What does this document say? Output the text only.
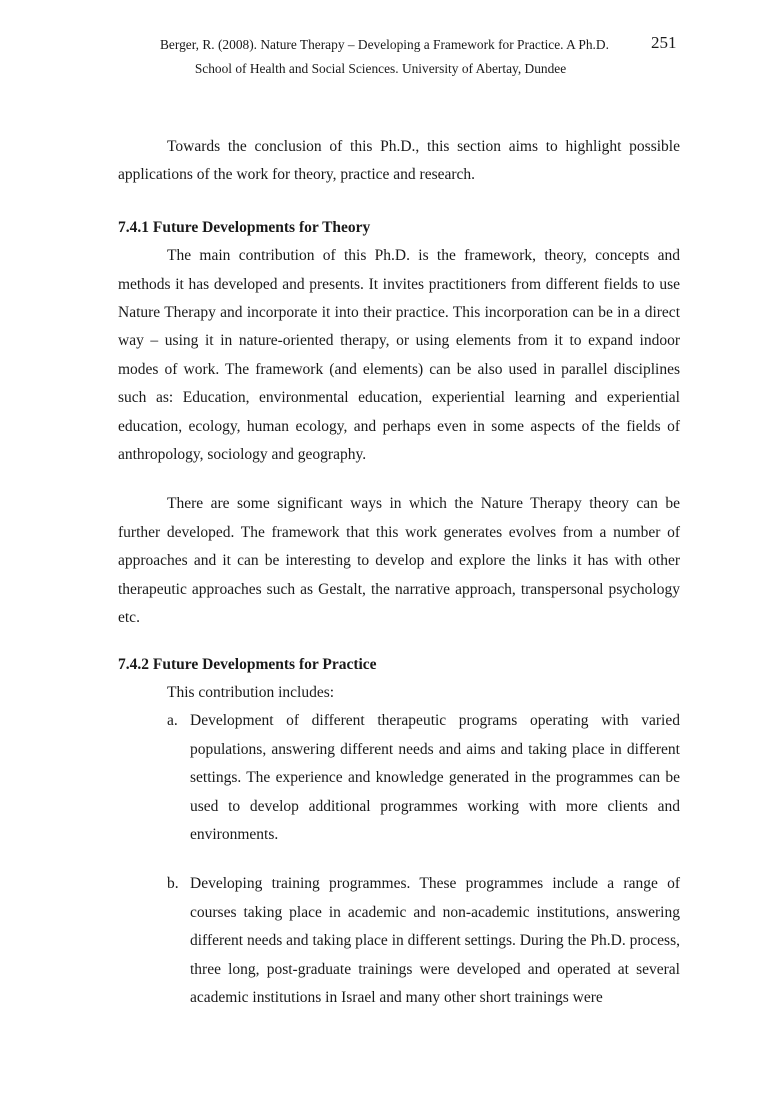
Berger, R. (2008). Nature Therapy – Developing a Framework for Practice. A Ph.D.	251
School of Health and Social Sciences. University of Abertay, Dundee

Towards the conclusion of this Ph.D., this section aims to highlight possible applications of the work for theory, practice and research.

7.4.1 Future Developments for Theory

The main contribution of this Ph.D. is the framework, theory, concepts and methods it has developed and presents. It invites practitioners from different fields to use Nature Therapy and incorporate it into their practice. This incorporation can be in a direct way – using it in nature-oriented therapy, or using elements from it to expand indoor modes of work. The framework (and elements) can be also used in parallel disciplines such as: Education, environmental education, experiential learning and experiential education, ecology, human ecology, and perhaps even in some aspects of the fields of anthropology, sociology and geography.

There are some significant ways in which the Nature Therapy theory can be further developed. The framework that this work generates evolves from a number of approaches and it can be interesting to develop and explore the links it has with other therapeutic approaches such as Gestalt, the narrative approach, transpersonal psychology etc.

7.4.2 Future Developments for Practice

This contribution includes:

a. Development of different therapeutic programs operating with varied populations, answering different needs and aims and taking place in different settings. The experience and knowledge generated in the programmes can be used to develop additional programmes working with more clients and environments.
b. Developing training programmes. These programmes include a range of courses taking place in academic and non-academic institutions, answering different needs and taking place in different settings. During the Ph.D. process, three long, post-graduate trainings were developed and operated at several academic institutions in Israel and many other short trainings were
